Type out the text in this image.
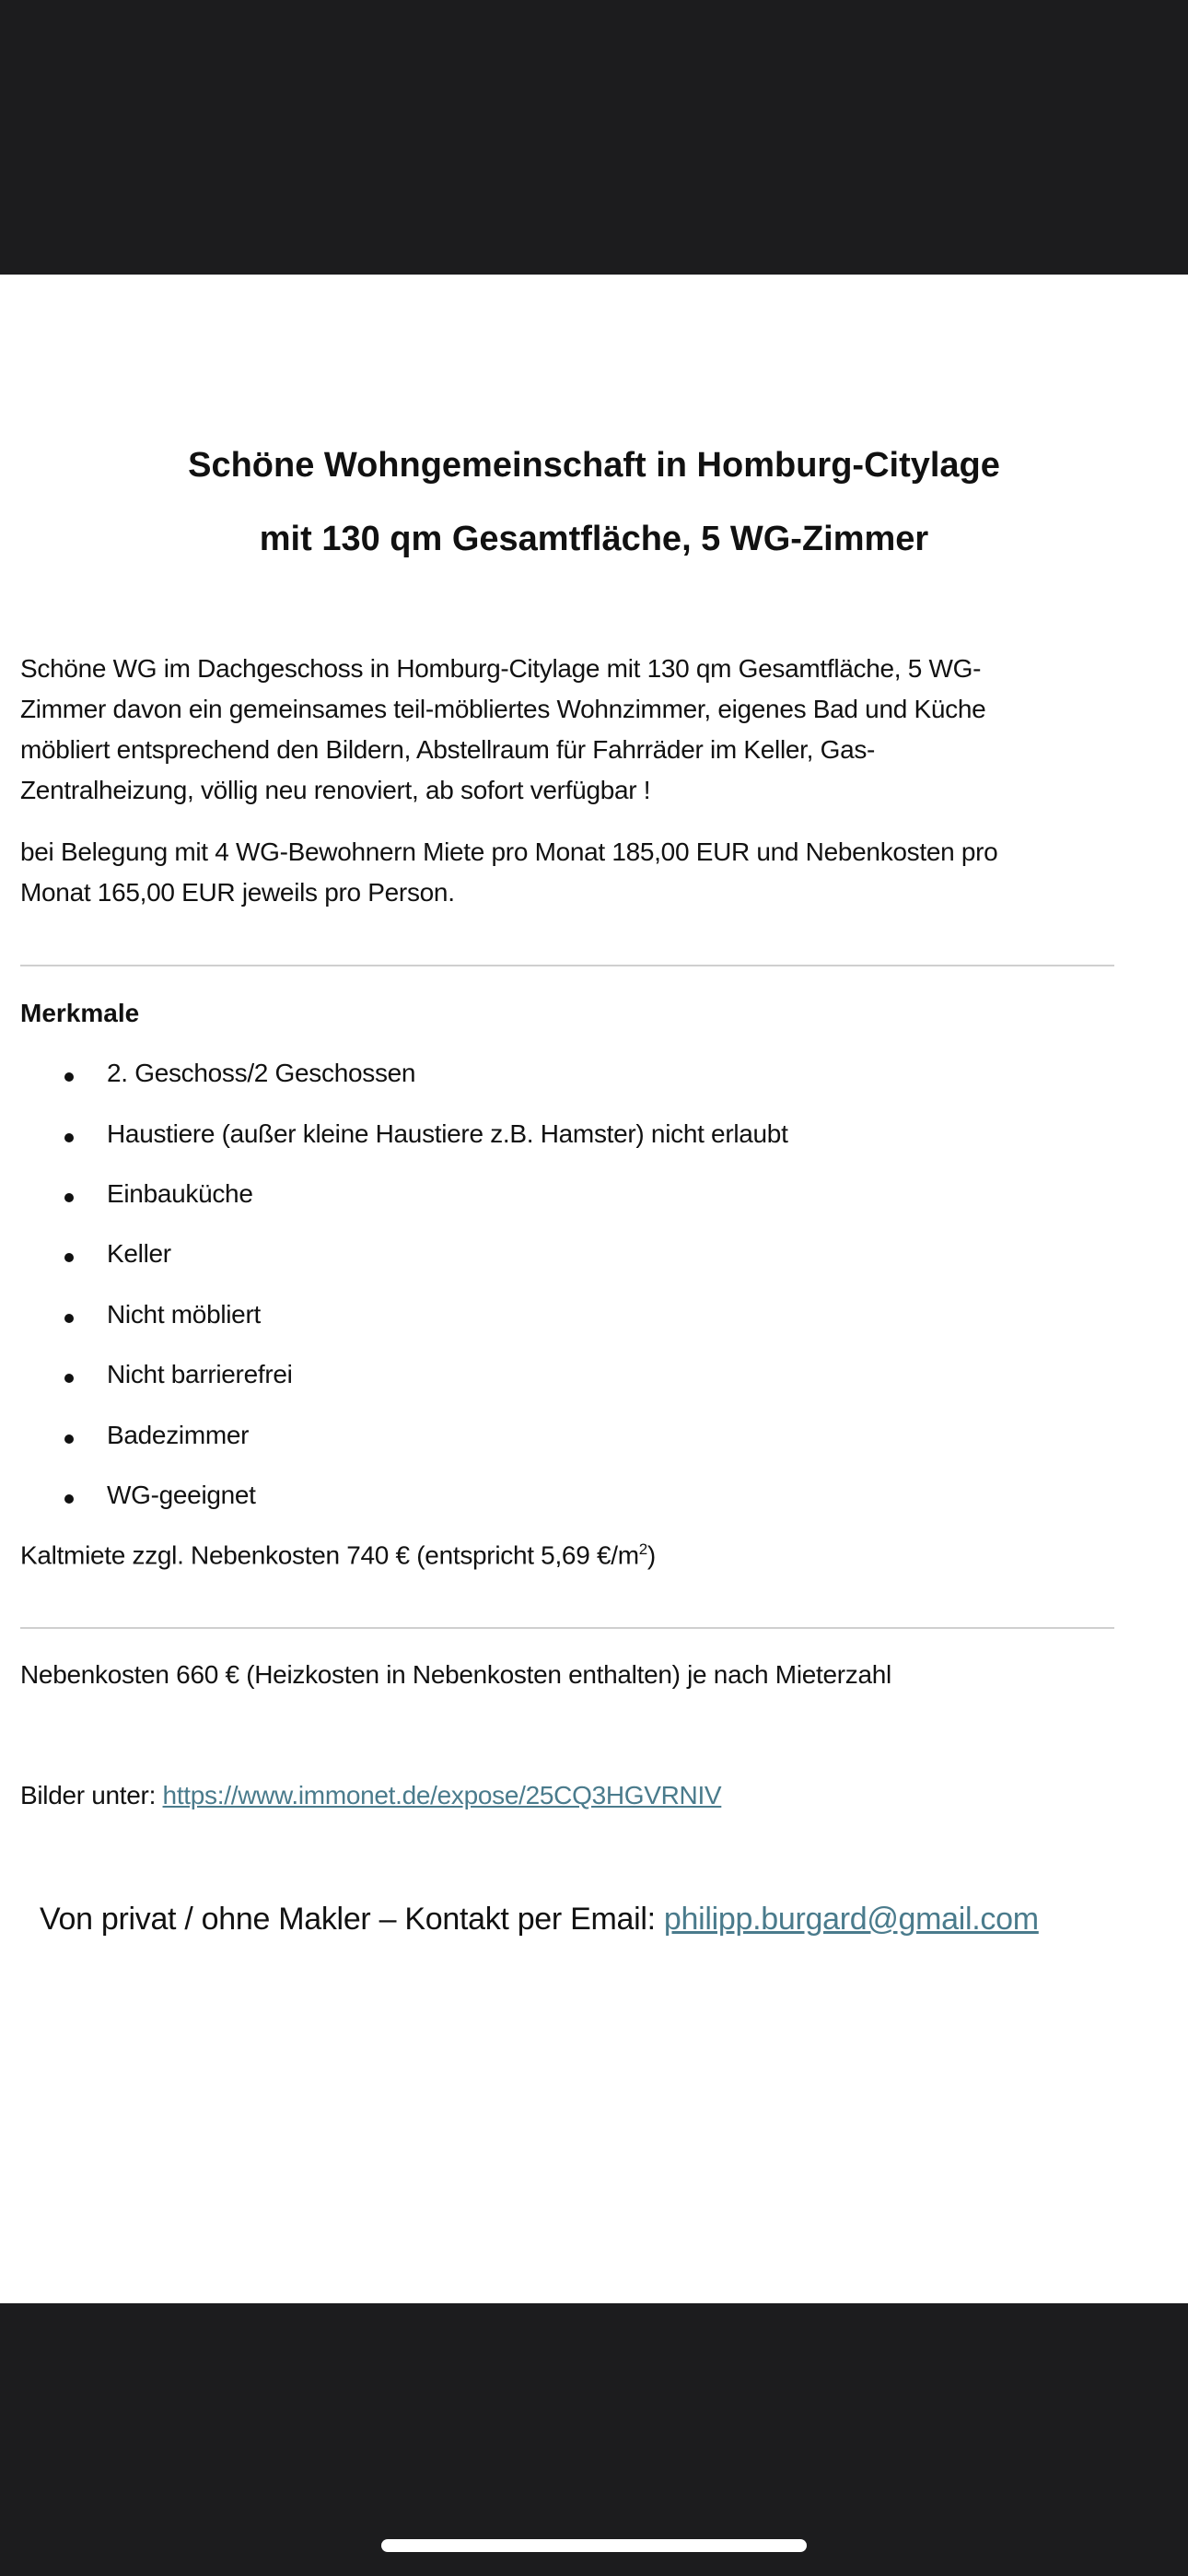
Schöne Wohngemeinschaft in Homburg-Citylage
mit 130 qm Gesamtfläche, 5 WG-Zimmer
Schöne WG im Dachgeschoss in Homburg-Citylage mit 130 qm Gesamtfläche, 5 WG-
Zimmer davon ein gemeinsames teil-möbliertes Wohnzimmer, eigenes Bad und Küche
möbliert entsprechend den Bildern, Abstellraum für Fahrräder im Keller, Gas-
Zentralheizung, völlig neu renoviert, ab sofort verfügbar !
bei Belegung mit 4 WG-Bewohnern Miete pro Monat 185,00 EUR und Nebenkosten pro
Monat 165,00 EUR jeweils pro Person.
Merkmale
2. Geschoss/2 Geschossen
Haustiere (außer kleine Haustiere z.B. Hamster) nicht erlaubt
Einbauküche
Keller
Nicht möbliert
Nicht barrierefrei
Badezimmer
WG-geeignet
Kaltmiete zzgl. Nebenkosten 740 € (entspricht 5,69 $€/m^2$)
Nebenkosten 660 € (Heizkosten in Nebenkosten enthalten) je nach Mieterzahl
Bilder unter: https://www.immonet.de/expose/25CQ3HGVRNIV
Von privat / ohne Makler – Kontakt per Email: philipp.burgard@gmail.com
